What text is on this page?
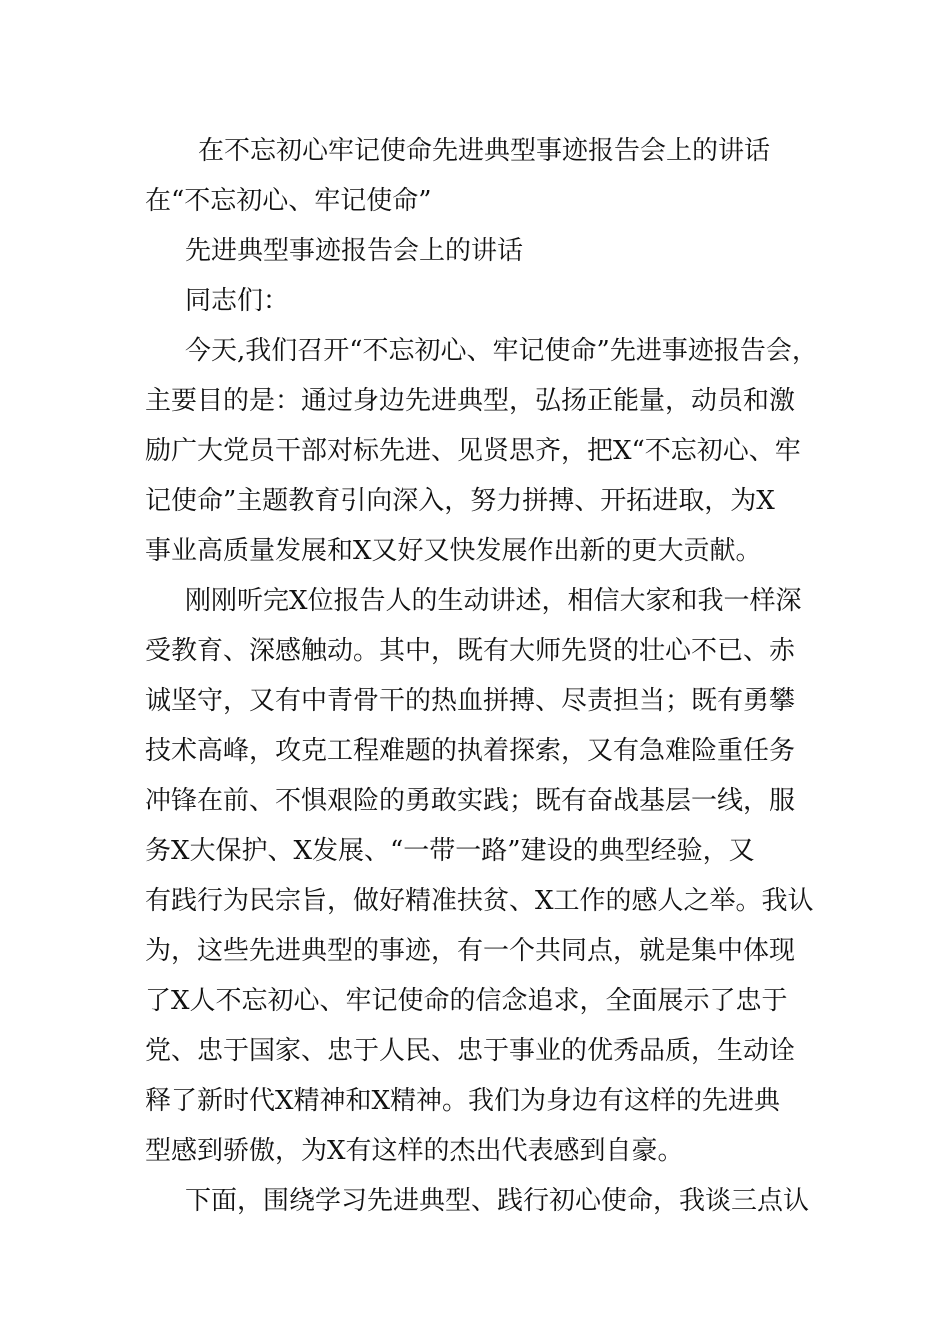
在不忘初心牢记使命先进典型事迹报告会上的讲话
在“不忘初心、牢记使命”
先进典型事迹报告会上的讲话
同志们：
今天,我们召开“不忘初心、牢记使命”先进事迹报告会，
主要目的是：通过身边先进典型，弘扬正能量，动员和激
励广大党员干部对标先进、见贤思齐，把X“不忘初心、牢
记使命”主题教育引向深入，努力拼搏、开拓进取，为X
事业高质量发展和X又好又快发展作出新的更大贡献。
刚刚听完X位报告人的生动讲述，相信大家和我一样深
受教育、深感触动。其中，既有大师先贤的壮心不已、赤
诚坚守，又有中青骨干的热血拼搏、尽责担当；既有勇攀
技术高峰，攻克工程难题的执着探索，又有急难险重任务
冲锋在前、不惧艰险的勇敢实践；既有奋战基层一线，服
务X大保护、X发展、“一带一路”建设的典型经验，又
有践行为民宗旨，做好精准扶贫、X工作的感人之举。我认
为，这些先进典型的事迹，有一个共同点，就是集中体现
了X人不忘初心、牢记使命的信念追求，全面展示了忠于
党、忠于国家、忠于人民、忠于事业的优秀品质，生动诠
释了新时代X精神和X精神。我们为身边有这样的先进典
型感到骄傲，为X有这样的杰出代表感到自豪。
下面，围绕学习先进典型、践行初心使命，我谈三点认
